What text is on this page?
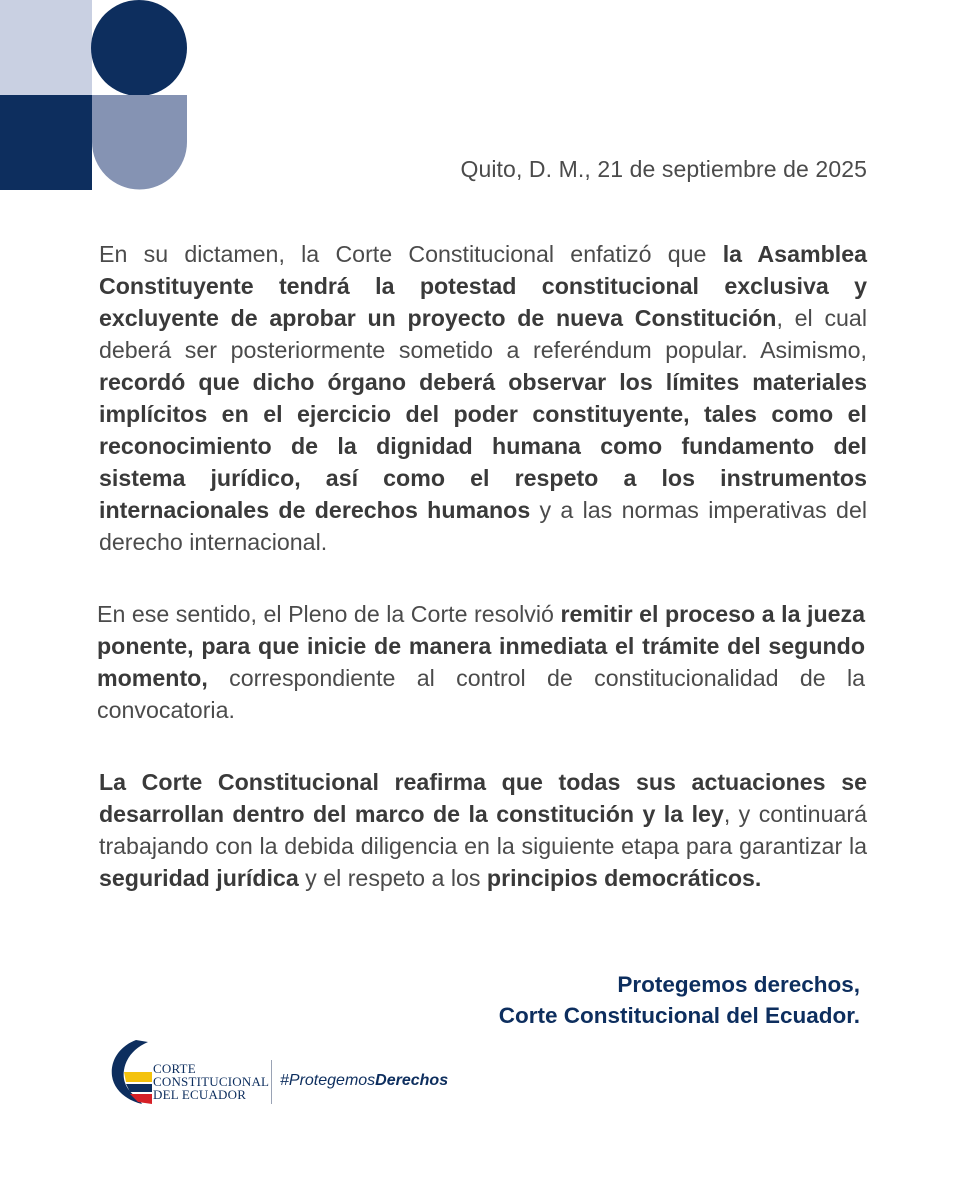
Quito, D. M., 21 de septiembre de 2025

En su dictamen, la Corte Constitucional enfatizó que la Asamblea Constituyente tendrá la potestad constitucional exclusiva y excluyente de aprobar un proyecto de nueva Constitución, el cual deberá ser posteriormente sometido a referéndum popular. Asimismo, recordó que dicho órgano deberá observar los límites materiales implícitos en el ejercicio del poder constituyente, tales como el reconocimiento de la dignidad humana como fundamento del sistema jurídico, así como el respeto a los instrumentos internacionales de derechos humanos y a las normas imperativas del derecho internacional.

En ese sentido, el Pleno de la Corte resolvió remitir el proceso a la jueza ponente, para que inicie de manera inmediata el trámite del segundo momento, correspondiente al control de constitucionalidad de la convocatoria.

La Corte Constitucional reafirma que todas sus actuaciones se desarrollan dentro del marco de la constitución y la ley, y continuará trabajando con la debida diligencia en la siguiente etapa para garantizar la seguridad jurídica y el respeto a los principios democráticos.

Protegemos derechos,
Corte Constitucional del Ecuador.
CORTE
CONSTITUCIONAL
DEL ECUADOR
#ProtegemosDerechos
